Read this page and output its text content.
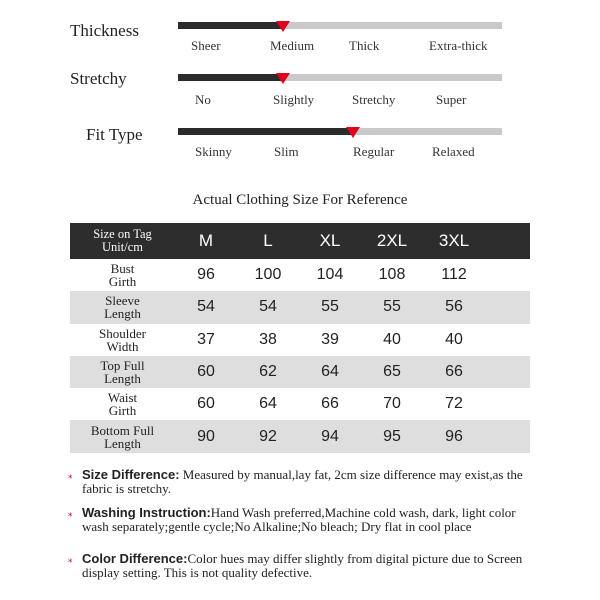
Thickness
Sheer	Medium	Thick	Extra-thick
Stretchy
No	Slightly	Stretchy	Super
Fit Type
Skinny	Slim	Regular	Relaxed
Actual Clothing Size For Reference
Size on Tag
Unit/cm	M	L	XL	2XL	3XL
Bust
Girth	96	100	104	108	112
Sleeve
Length	54	54	55	55	56
Shoulder
Width	37	38	39	40	40
Top Full
Length	60	62	64	65	66
Waist
Girth	60	64	66	70	72
Bottom Full
Length	90	92	94	95	96
* Size Difference: Measured by manual,lay fat, 2cm size difference may exist,as the fabric is stretchy.
* Washing Instruction:Hand Wash preferred,Machine cold wash, dark, light color wash separately;gentle cycle;No Alkaline;No bleach; Dry flat in cool place
* Color Difference:Color hues may differ slightly from digital picture due to Screen display setting. This is not quality defective.
